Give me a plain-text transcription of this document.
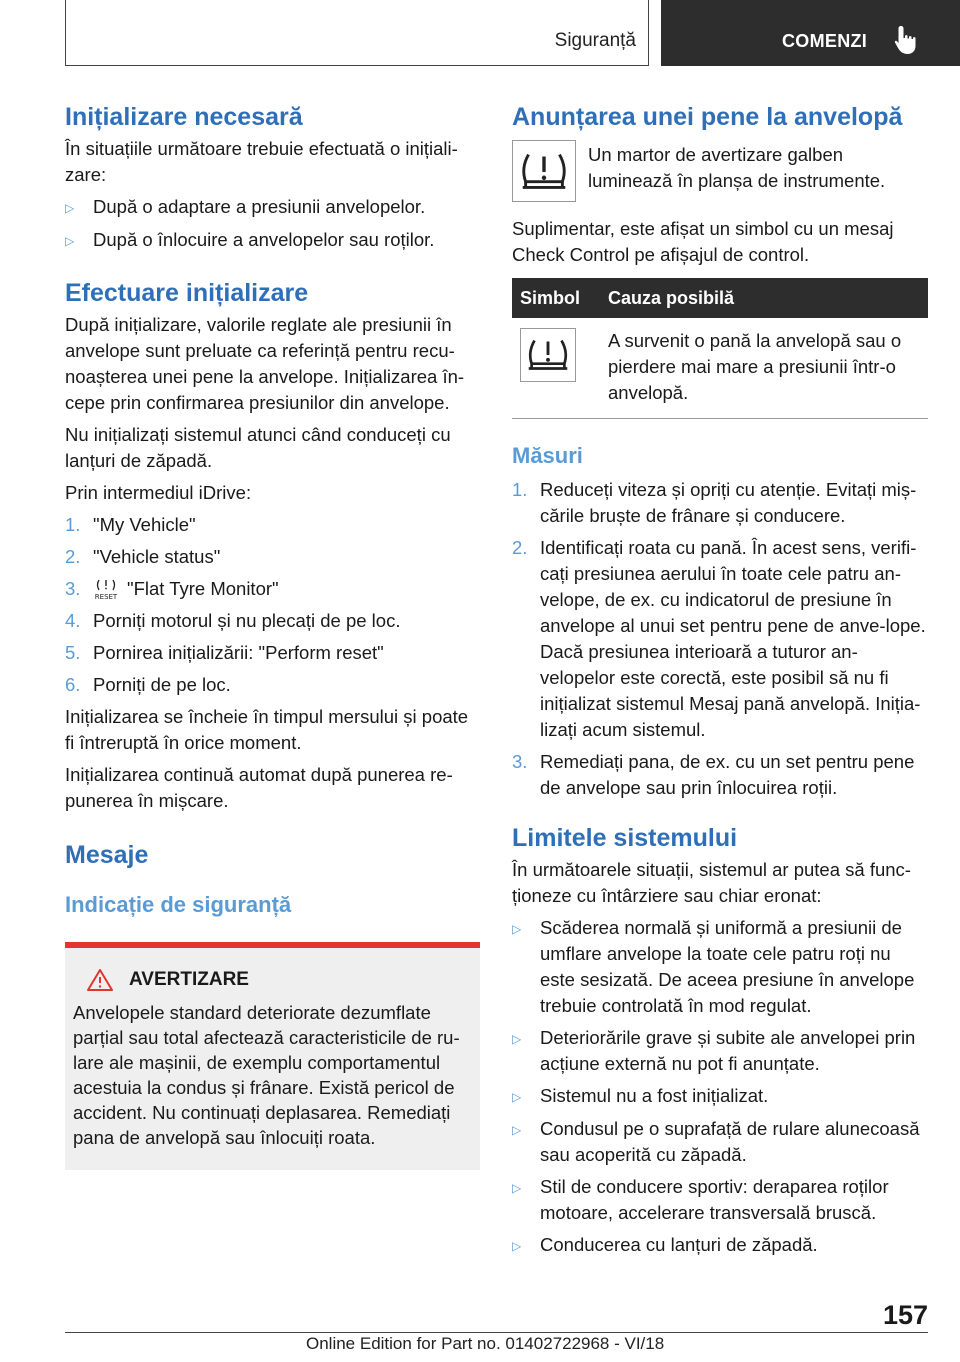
Siguranță	COMENZI
Inițializare necesară

În situațiile următoare trebuie efectuată o inițiali-zare:

▷	După o adaptare a presiunii anvelopelor.
▷	După o înlocuire a anvelopelor sau roților.
Efectuare inițializare

După inițializare, valorile reglate ale presiunii în anvelope sunt preluate ca referință pentru recu-noașterea unei pene la anvelope. Inițializarea în-cepe prin confirmarea presiunilor din anvelope.

Nu inițializați sistemul atunci când conduceți cu lanțuri de zăpadă.

Prin intermediul iDrive:

1. "My Vehicle"
2. "Vehicle status"
3.	RESET "Flat Tyre Monitor"
4. Porniți motorul și nu plecați de pe loc.
5. Pornirea inițializării: "Perform reset"
6. Porniți de pe loc.

Inițializarea se încheie în timpul mersului și poate fi întreruptă în orice moment.

Inițializarea continuă automat după punerea re-punerea în mișcare.

Mesaje
Indicație de siguranță
AVERTIZARE

Anvelopele standard deteriorate dezumflate parțial sau total afectează caracteristicile de ru-lare ale mașinii, de exemplu comportamentul acestuia la condus și frânare. Există pericol de accident. Nu continuați deplasarea. Remediați pana de anvelopă sau înlocuiți roata.

Anunțarea unei pene la anvelopă

Un martor de avertizare galben luminează în planșa de instrumente.

Suplimentar, este afișat un simbol cu un mesaj Check Control pe afișajul de control.

Simbol	Cauza posibilă
	A survenit o pană la anvelopă sau o pierdere mai mare a presiunii într-o anvelopă.
Măsuri
1. Reduceți viteza și opriți cu atenție. Evitați miș-cările bruște de frânare și conducere.
2. Identificați roata cu pană. În acest sens, verifi-cați presiunea aerului în toate cele patru an-velope, de ex. cu indicatorul de presiune în anvelope al unui set pentru pene de anve-lope. Dacă presiunea interioară a tuturor an-velopelor este corectă, este posibil să nu fi inițializat sistemul Mesaj pană anvelopă. Iniția-lizați acum sistemul.
3. Remediați pana, de ex. cu un set pentru pene de anvelope sau prin înlocuirea roții.
Limitele sistemului

În următoarele situații, sistemul ar putea să func-ționeze cu întârziere sau chiar eronat:

▷	Scăderea normală și uniformă a presiunii de umflare anvelope la toate cele patru roți nu este sesizată. De aceea presiune în anvelope trebuie controlată în mod regulat.
▷	Deteriorările grave și subite ale anvelopei prin acțiune externă nu pot fi anunțate.
▷	Sistemul nu a fost inițializat.
▷	Condusul pe o suprafață de rulare alunecoasă sau acoperită cu zăpadă.
▷	Stil de conducere sportiv: deraparea roților motoare, accelerare transversală bruscă.
▷	Conducerea cu lanțuri de zăpadă.
157
Online Edition for Part no. 01402722968 - VI/18
